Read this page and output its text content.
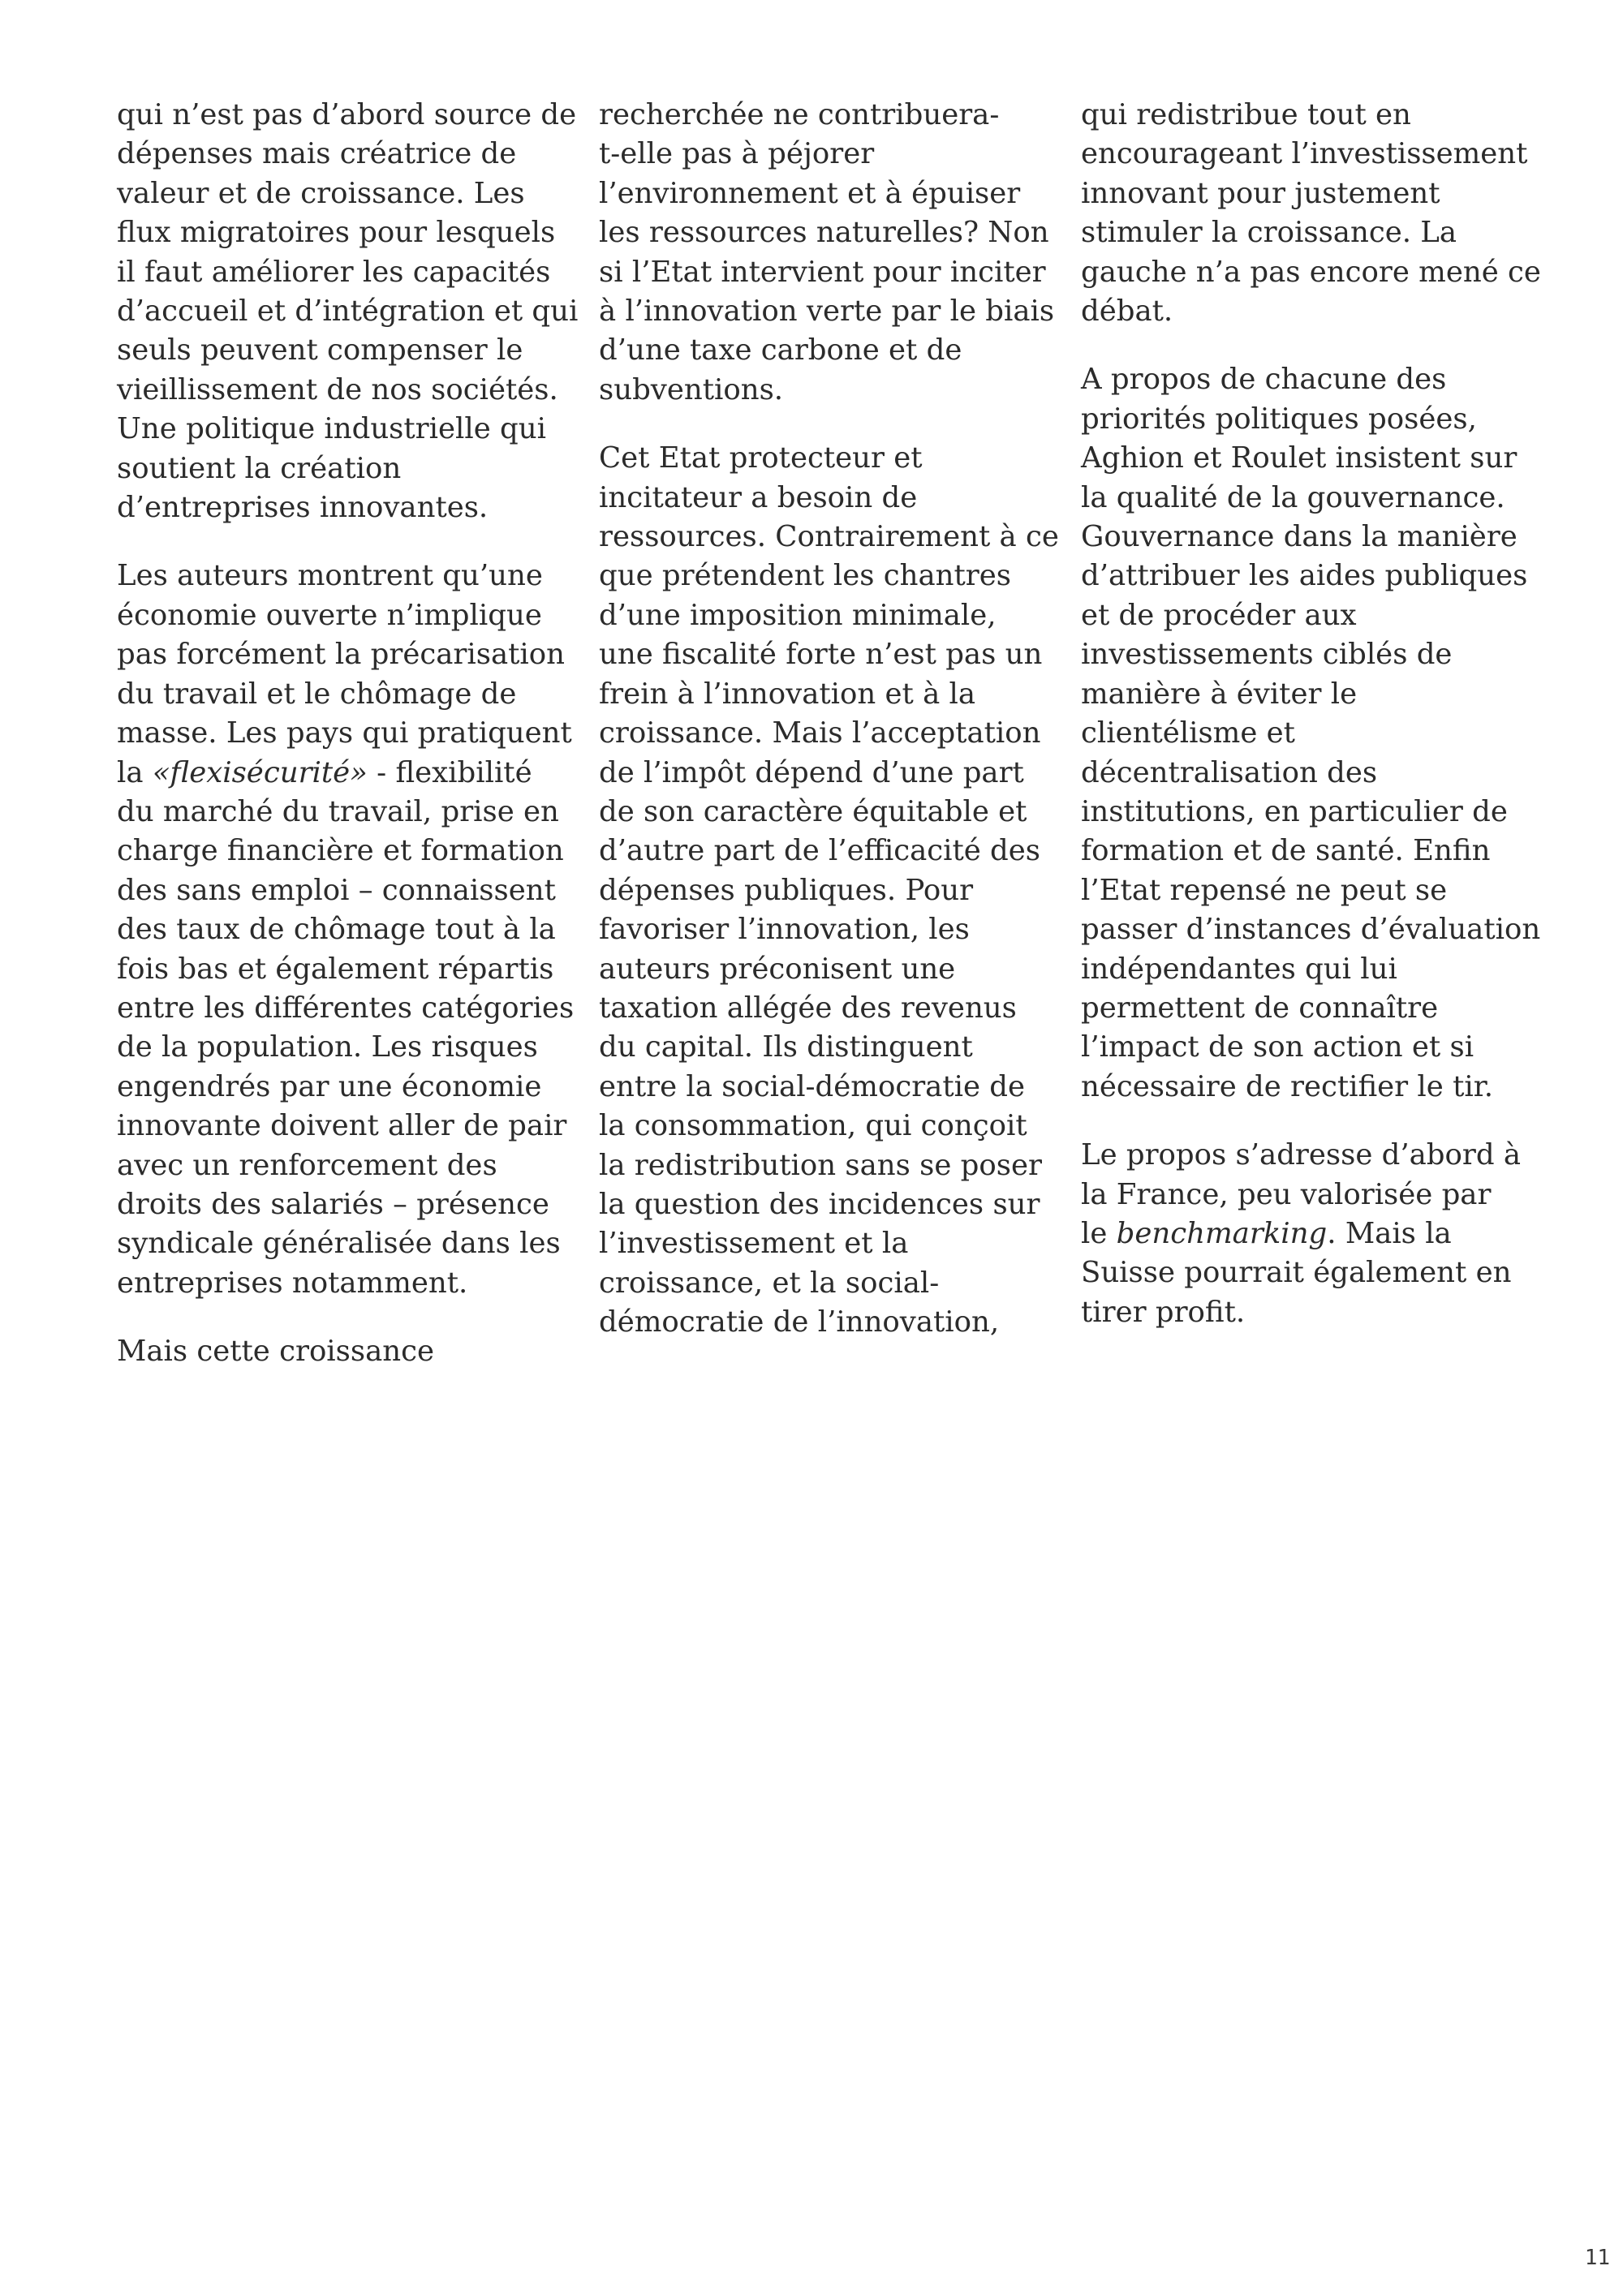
qui n’est pas d’abord source de
dépenses mais créatrice de
valeur et de croissance. Les
flux migratoires pour lesquels
il faut améliorer les capacités
d’accueil et d’intégration et qui
seuls peuvent compenser le
vieillissement de nos sociétés.
Une politique industrielle qui
soutient la création
d’entreprises innovantes.

Les auteurs montrent qu’une
économie ouverte n’implique
pas forcément la précarisation
du travail et le chômage de
masse. Les pays qui pratiquent
la «flexisécurité» - flexibilité
du marché du travail, prise en
charge financière et formation
des sans emploi – connaissent
des taux de chômage tout à la
fois bas et également répartis
entre les différentes catégories
de la population. Les risques
engendrés par une économie
innovante doivent aller de pair
avec un renforcement des
droits des salariés – présence
syndicale généralisée dans les
entreprises notamment.

Mais cette croissance

recherchée ne contribuera-
t-elle pas à péjorer
l’environnement et à épuiser
les ressources naturelles? Non
si l’Etat intervient pour inciter
à l’innovation verte par le biais
d’une taxe carbone et de
subventions.

Cet Etat protecteur et
incitateur a besoin de
ressources. Contrairement à ce
que prétendent les chantres
d’une imposition minimale,
une fiscalité forte n’est pas un
frein à l’innovation et à la
croissance. Mais l’acceptation
de l’impôt dépend d’une part
de son caractère équitable et
d’autre part de l’efficacité des
dépenses publiques. Pour
favoriser l’innovation, les
auteurs préconisent une
taxation allégée des revenus
du capital. Ils distinguent
entre la social-démocratie de
la consommation, qui conçoit
la redistribution sans se poser
la question des incidences sur
l’investissement et la
croissance, et la social-
démocratie de l’innovation,

qui redistribue tout en
encourageant l’investissement
innovant pour justement
stimuler la croissance. La
gauche n’a pas encore mené ce
débat.

A propos de chacune des
priorités politiques posées,
Aghion et Roulet insistent sur
la qualité de la gouvernance.
Gouvernance dans la manière
d’attribuer les aides publiques
et de procéder aux
investissements ciblés de
manière à éviter le
clientélisme et
décentralisation des
institutions, en particulier de
formation et de santé. Enfin
l’Etat repensé ne peut se
passer d’instances d’évaluation
indépendantes qui lui
permettent de connaître
l’impact de son action et si
nécessaire de rectifier le tir.

Le propos s’adresse d’abord à
la France, peu valorisée par
le benchmarking. Mais la
Suisse pourrait également en
tirer profit.

11
